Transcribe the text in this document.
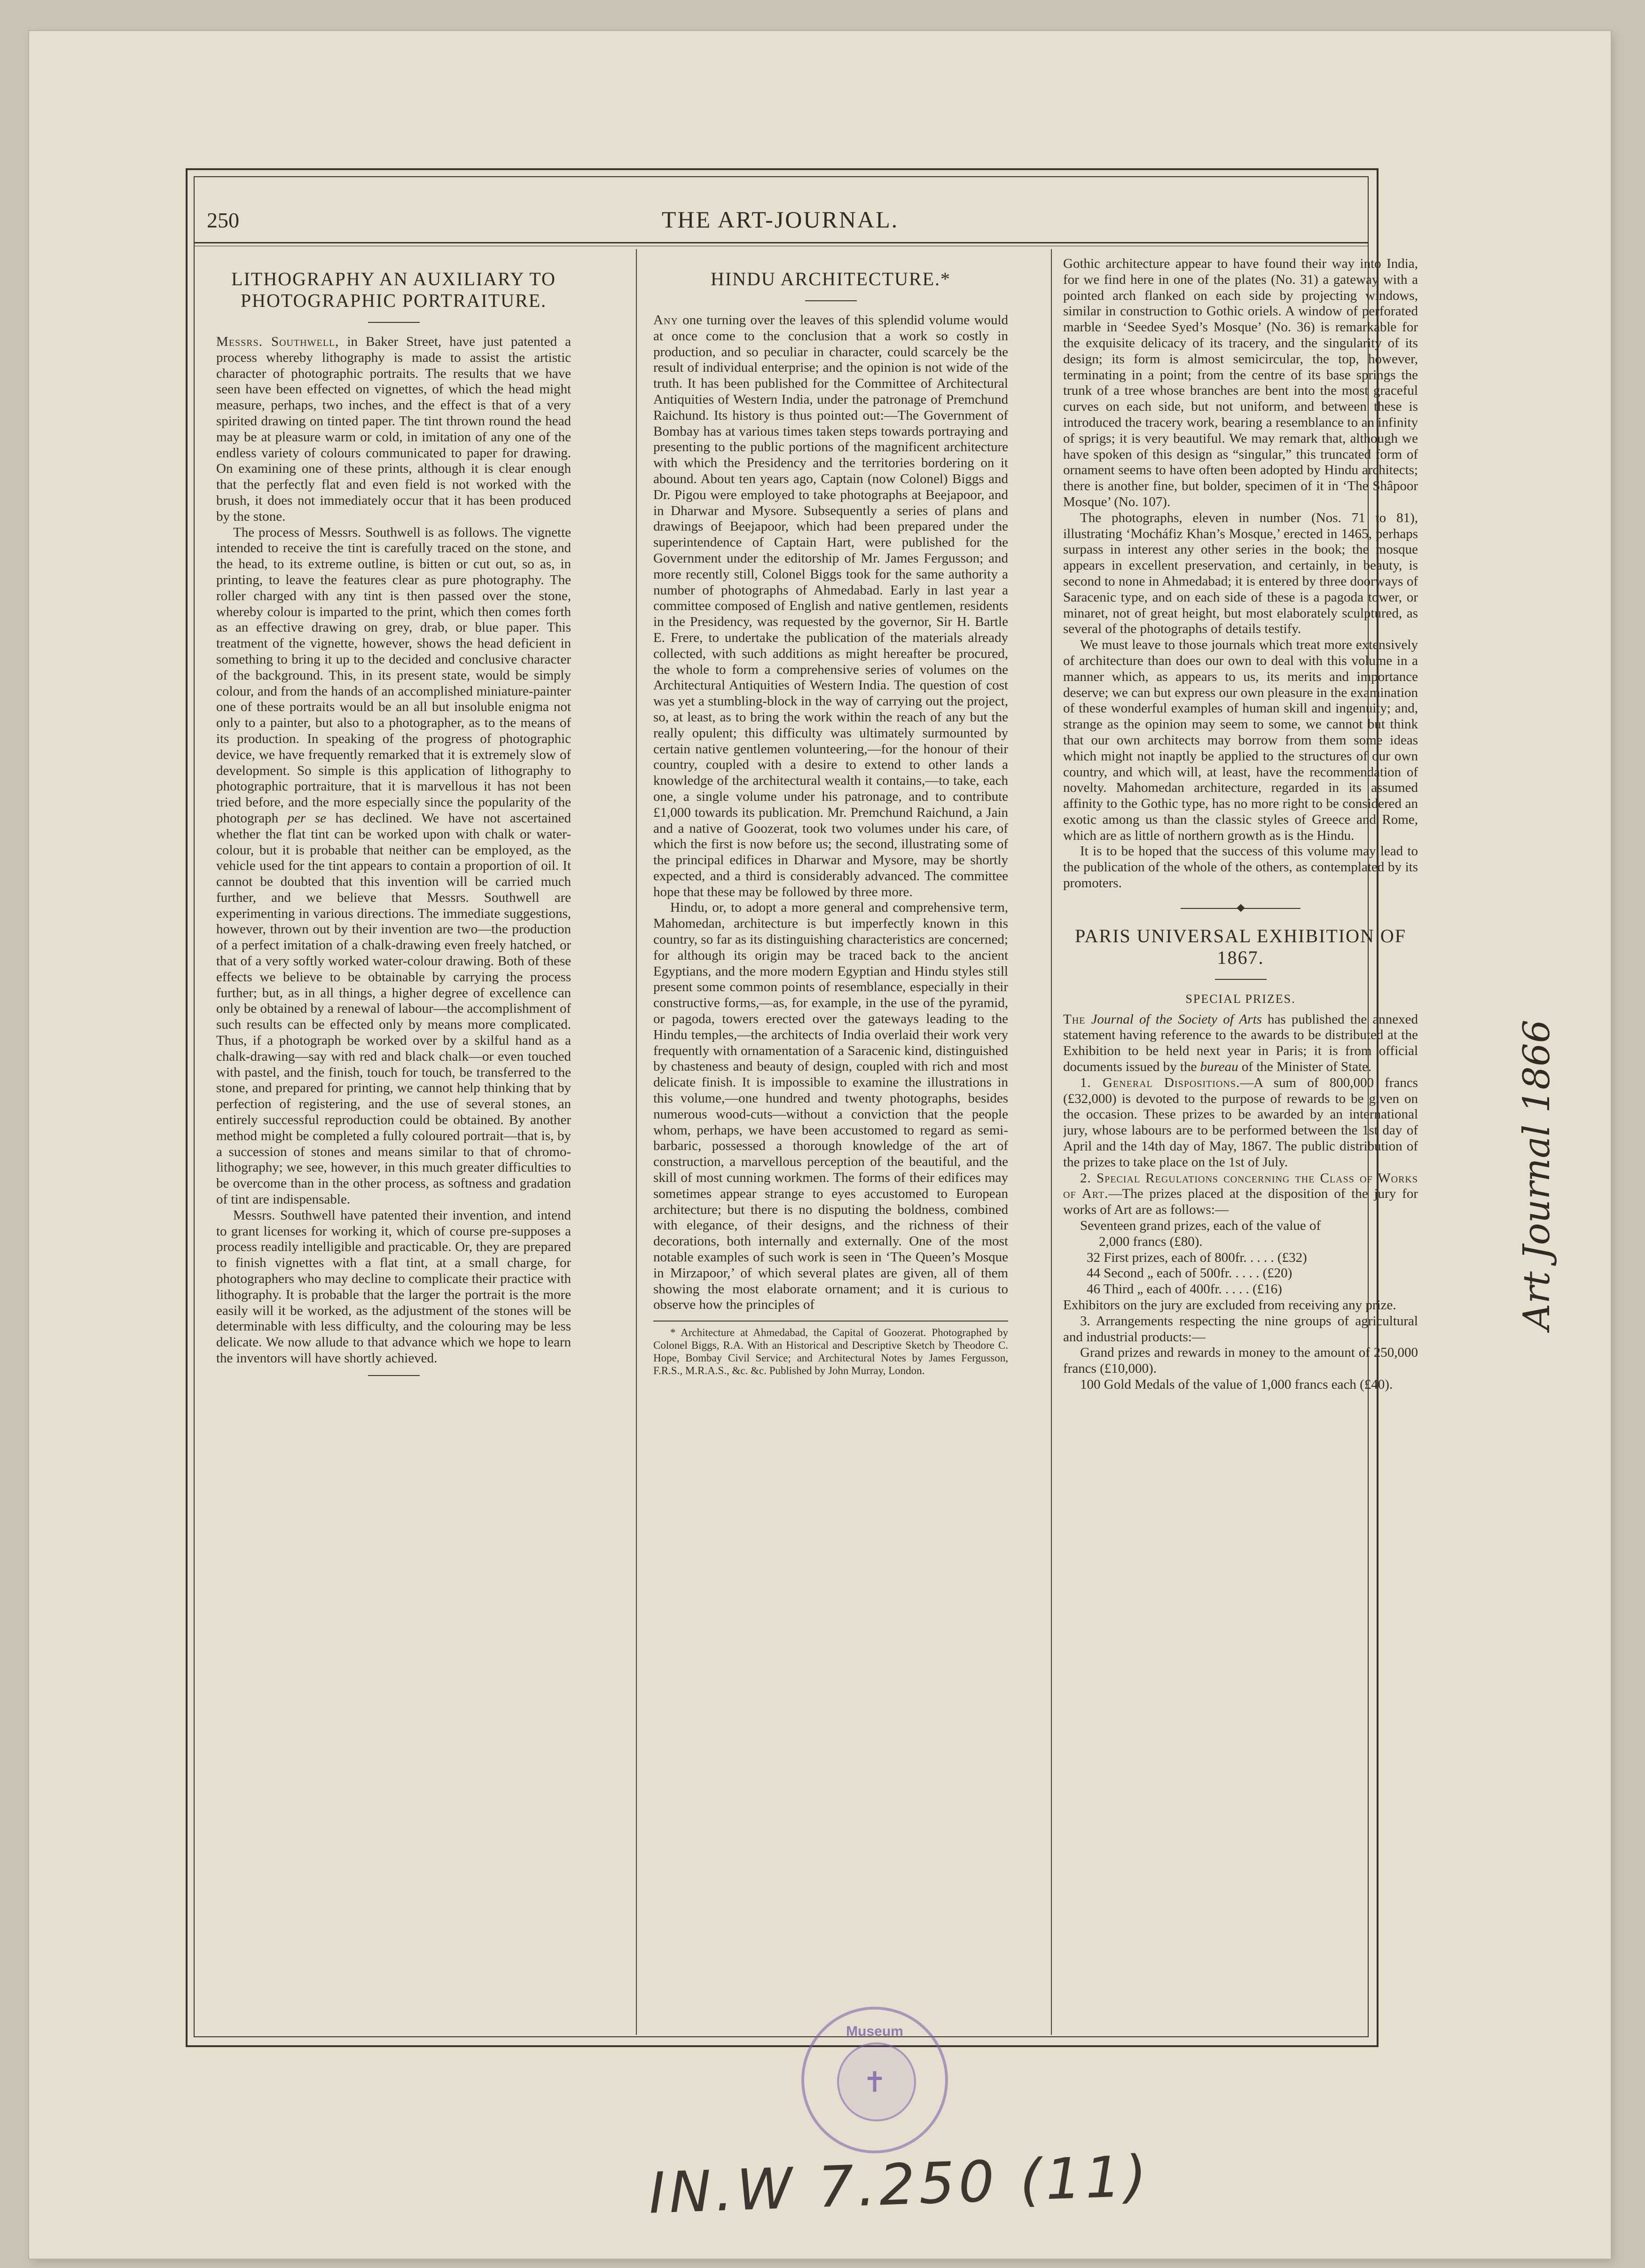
250	THE ART-JOURNAL.
LITHOGRAPHY AN AUXILIARY TO PHOTOGRAPHIC PORTRAITURE.

Messrs. Southwell, in Baker Street, have just patented a process whereby lithography is made to assist the artistic character of photographic portraits. The results that we have seen have been effected on vignettes, of which the head might measure, perhaps, two inches, and the effect is that of a very spirited drawing on tinted paper. The tint thrown round the head may be at pleasure warm or cold, in imitation of any one of the endless variety of colours communicated to paper for drawing. On examining one of these prints, although it is clear enough that the perfectly flat and even field is not worked with the brush, it does not immediately occur that it has been produced by the stone.

The process of Messrs. Southwell is as follows. The vignette intended to receive the tint is carefully traced on the stone, and the head, to its extreme outline, is bitten or cut out, so as, in printing, to leave the features clear as pure photography. The roller charged with any tint is then passed over the stone, whereby colour is imparted to the print, which then comes forth as an effective drawing on grey, drab, or blue paper. This treatment of the vignette, however, shows the head deficient in something to bring it up to the decided and conclusive character of the background. This, in its present state, would be simply colour, and from the hands of an accomplished miniature-painter one of these portraits would be an all but insoluble enigma not only to a painter, but also to a photographer, as to the means of its production. In speaking of the progress of photographic device, we have frequently remarked that it is extremely slow of development. So simple is this application of lithography to photographic portraiture, that it is marvellous it has not been tried before, and the more especially since the popularity of the photograph per se has declined. We have not ascertained whether the flat tint can be worked upon with chalk or water-colour, but it is probable that neither can be employed, as the vehicle used for the tint appears to contain a proportion of oil. It cannot be doubted that this invention will be carried much further, and we believe that Messrs. Southwell are experimenting in various directions. The immediate suggestions, however, thrown out by their invention are two—the production of a perfect imitation of a chalk-drawing even freely hatched, or that of a very softly worked water-colour drawing. Both of these effects we believe to be obtainable by carrying the process further; but, as in all things, a higher degree of excellence can only be obtained by a renewal of labour—the accomplishment of such results can be effected only by means more complicated. Thus, if a photograph be worked over by a skilful hand as a chalk-drawing—say with red and black chalk—or even touched with pastel, and the finish, touch for touch, be transferred to the stone, and prepared for printing, we cannot help thinking that by perfection of registering, and the use of several stones, an entirely successful reproduction could be obtained. By another method might be completed a fully coloured portrait—that is, by a succession of stones and means similar to that of chromo-lithography; we see, however, in this much greater difficulties to be overcome than in the other process, as softness and gradation of tint are indispensable.

Messrs. Southwell have patented their invention, and intend to grant licenses for working it, which of course pre-supposes a process readily intelligible and practicable. Or, they are prepared to finish vignettes with a flat tint, at a small charge, for photographers who may decline to complicate their practice with lithography. It is probable that the larger the portrait is the more easily will it be worked, as the adjustment of the stones will be determinable with less difficulty, and the colouring may be less delicate. We now allude to that advance which we hope to learn the inventors will have shortly achieved.

HINDU ARCHITECTURE.*

Any one turning over the leaves of this splendid volume would at once come to the conclusion that a work so costly in production, and so peculiar in character, could scarcely be the result of individual enterprise; and the opinion is not wide of the truth. It has been published for the Committee of Architectural Antiquities of Western India, under the patronage of Premchund Raichund. Its history is thus pointed out:—The Government of Bombay has at various times taken steps towards portraying and presenting to the public portions of the magnificent architecture with which the Presidency and the territories bordering on it abound. About ten years ago, Captain (now Colonel) Biggs and Dr. Pigou were employed to take photographs at Beejapoor, and in Dharwar and Mysore. Subsequently a series of plans and drawings of Beejapoor, which had been prepared under the superintendence of Captain Hart, were published for the Government under the editorship of Mr. James Fergusson; and more recently still, Colonel Biggs took for the same authority a number of photographs of Ahmedabad. Early in last year a committee composed of English and native gentlemen, residents in the Presidency, was requested by the governor, Sir H. Bartle E. Frere, to undertake the publication of the materials already collected, with such additions as might hereafter be procured, the whole to form a comprehensive series of volumes on the Architectural Antiquities of Western India. The question of cost was yet a stumbling-block in the way of carrying out the project, so, at least, as to bring the work within the reach of any but the really opulent; this difficulty was ultimately surmounted by certain native gentlemen volunteering,—for the honour of their country, coupled with a desire to extend to other lands a knowledge of the architectural wealth it contains,—to take, each one, a single volume under his patronage, and to contribute £1,000 towards its publication. Mr. Premchund Raichund, a Jain and a native of Goozerat, took two volumes under his care, of which the first is now before us; the second, illustrating some of the principal edifices in Dharwar and Mysore, may be shortly expected, and a third is considerably advanced. The committee hope that these may be followed by three more.

Hindu, or, to adopt a more general and comprehensive term, Mahomedan, architecture is but imperfectly known in this country, so far as its distinguishing characteristics are concerned; for although its origin may be traced back to the ancient Egyptians, and the more modern Egyptian and Hindu styles still present some common points of resemblance, especially in their constructive forms,—as, for example, in the use of the pyramid, or pagoda, towers erected over the gateways leading to the Hindu temples,—the architects of India overlaid their work very frequently with ornamentation of a Saracenic kind, distinguished by chasteness and beauty of design, coupled with rich and most delicate finish. It is impossible to examine the illustrations in this volume,—one hundred and twenty photographs, besides numerous wood-cuts—without a conviction that the people whom, perhaps, we have been accustomed to regard as semi-barbaric, possessed a thorough knowledge of the art of construction, a marvellous perception of the beautiful, and the skill of most cunning workmen. The forms of their edifices may sometimes appear strange to eyes accustomed to European architecture; but there is no disputing the boldness, combined with elegance, of their designs, and the richness of their decorations, both internally and externally. One of the most notable examples of such work is seen in ‘The Queen’s Mosque in Mirzapoor,’ of which several plates are given, all of them showing the most elaborate ornament; and it is curious to observe how the principles of

* Architecture at Ahmedabad, the Capital of Goozerat. Photographed by Colonel Biggs, R.A. With an Historical and Descriptive Sketch by Theodore C. Hope, Bombay Civil Service; and Architectural Notes by James Fergusson, F.R.S., M.R.A.S., &c. &c. Published by John Murray, London.

Gothic architecture appear to have found their way into India, for we find here in one of the plates (No. 31) a gateway with a pointed arch flanked on each side by projecting windows, similar in construction to Gothic oriels. A window of perforated marble in ‘Seedee Syed’s Mosque’ (No. 36) is remarkable for the exquisite delicacy of its tracery, and the singularity of its design; its form is almost semicircular, the top, however, terminating in a point; from the centre of its base springs the trunk of a tree whose branches are bent into the most graceful curves on each side, but not uniform, and between these is introduced the tracery work, bearing a resemblance to an infinity of sprigs; it is very beautiful. We may remark that, although we have spoken of this design as “singular,” this truncated form of ornament seems to have often been adopted by Hindu architects; there is another fine, but bolder, specimen of it in ‘The Shâpoor Mosque’ (No. 107).

The photographs, eleven in number (Nos. 71 to 81), illustrating ‘Mocháfiz Khan’s Mosque,’ erected in 1465, perhaps surpass in interest any other series in the book; the mosque appears in excellent preservation, and certainly, in beauty, is second to none in Ahmedabad; it is entered by three doorways of Saracenic type, and on each side of these is a pagoda tower, or minaret, not of great height, but most elaborately sculptured, as several of the photographs of details testify.

We must leave to those journals which treat more extensively of architecture than does our own to deal with this volume in a manner which, as appears to us, its merits and importance deserve; we can but express our own pleasure in the examination of these wonderful examples of human skill and ingenuity; and, strange as the opinion may seem to some, we cannot but think that our own architects may borrow from them some ideas which might not inaptly be applied to the structures of our own country, and which will, at least, have the recommendation of novelty. Mahomedan architecture, regarded in its assumed affinity to the Gothic type, has no more right to be considered an exotic among us than the classic styles of Greece and Rome, which are as little of northern growth as is the Hindu.

It is to be hoped that the success of this volume may lead to the publication of the whole of the others, as contemplated by its promoters.

PARIS UNIVERSAL EXHIBITION OF 1867.
SPECIAL PRIZES.

The Journal of the Society of Arts has published the annexed statement having reference to the awards to be distributed at the Exhibition to be held next year in Paris; it is from official documents issued by the bureau of the Minister of State.

1. General Dispositions.—A sum of 800,000 francs (£32,000) is devoted to the purpose of rewards to be given on the occasion. These prizes to be awarded by an international jury, whose labours are to be performed between the 1st day of April and the 14th day of May, 1867. The public distribution of the prizes to take place on the 1st of July.

2. Special Regulations concerning the Class of Works of Art.—The prizes placed at the disposition of the jury for works of Art are as follows:—

Seventeen grand prizes, each of the value of

2,000 francs (£80).

32 First prizes, each of 800fr. . . . . (£32)

44 Second „ each of 500fr. . . . . (£20)

46 Third „ each of 400fr. . . . . (£16)

Exhibitors on the jury are excluded from receiving any prize.

3. Arrangements respecting the nine groups of agricultural and industrial products:—

Grand prizes and rewards in money to the amount of 250,000 francs (£10,000).

100 Gold Medals of the value of 1,000 francs each (£40).

Museum
✝
IN.W 7.250 (11)
Art Journal 1866
